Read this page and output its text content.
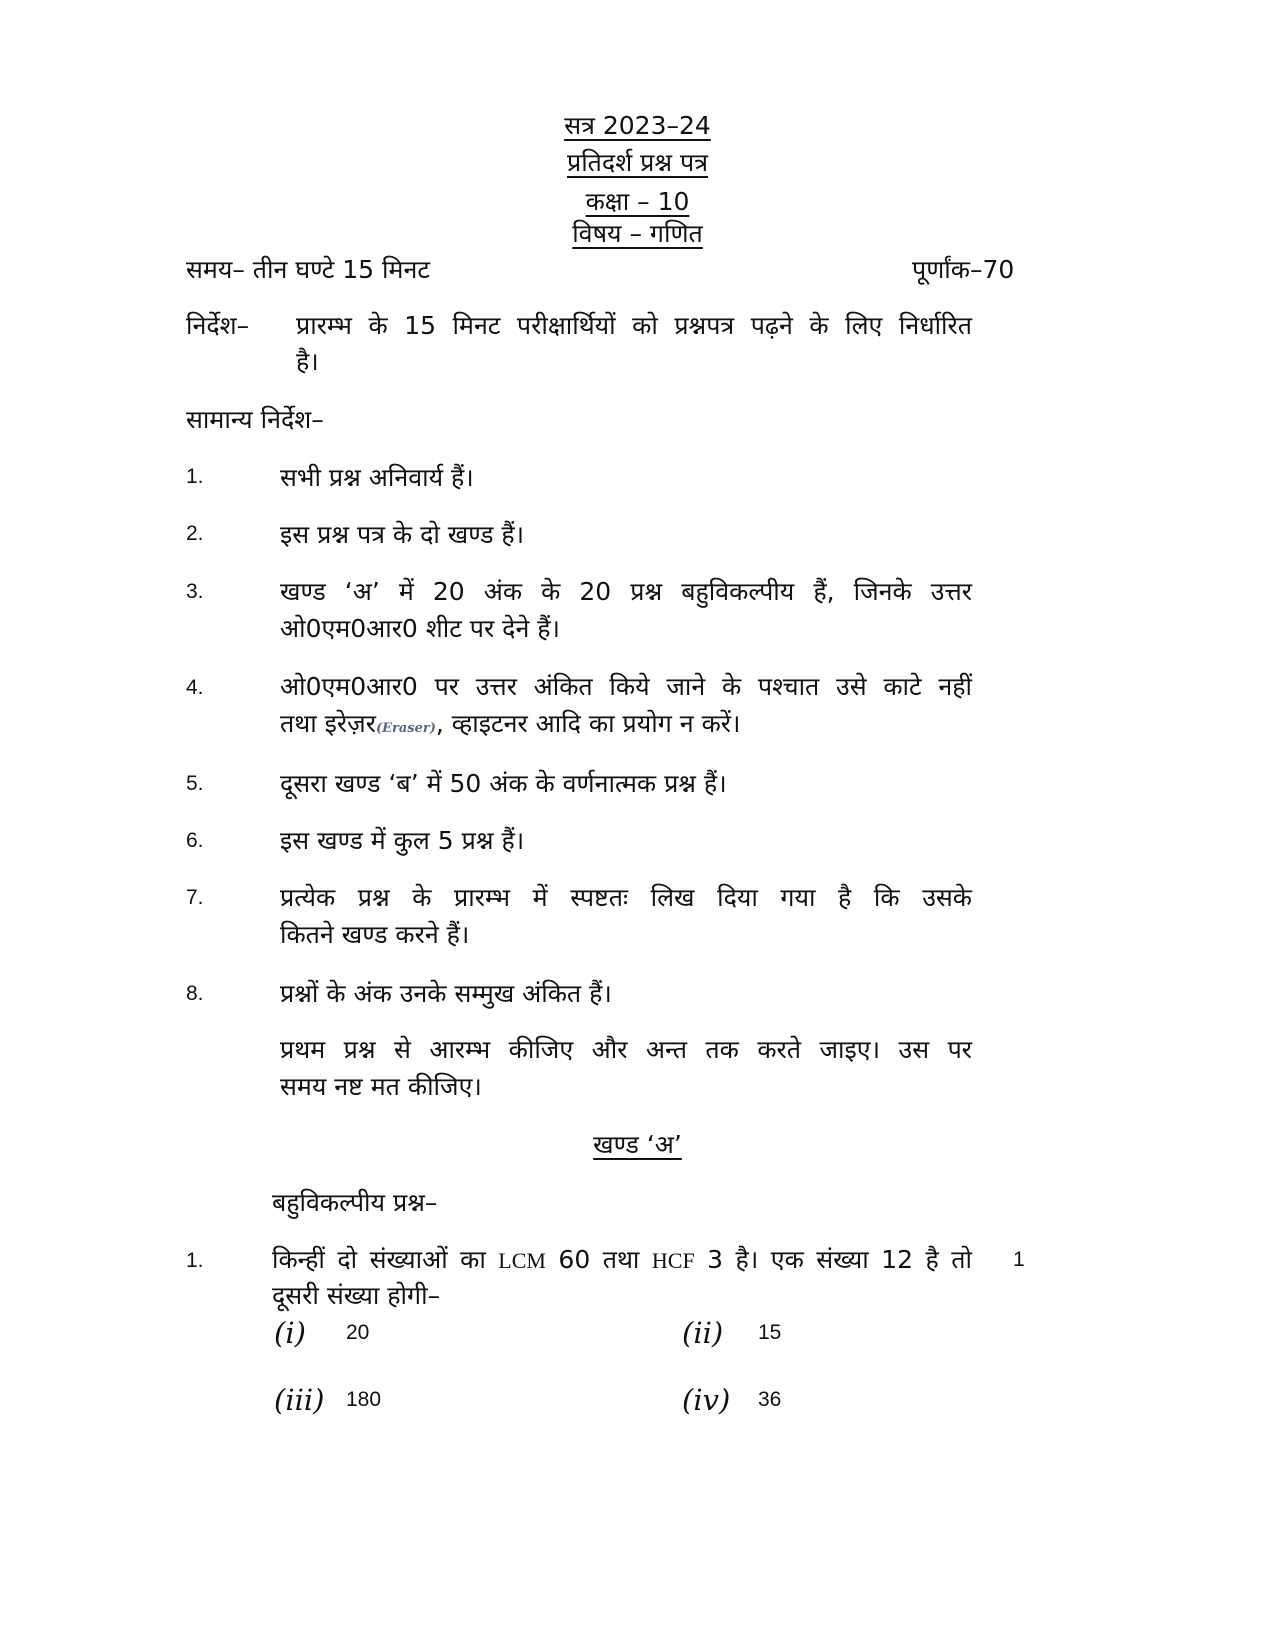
सत्र 2023–24
प्रतिदर्श प्रश्न पत्र
कक्षा – 10
विषय – गणित
समय– तीन घण्टे 15 मिनट	पूर्णांक–70
निर्देश– प्रारम्भ के 15 मिनट परीक्षार्थियों को प्रश्नपत्र पढ़ने के लिए निर्धारित
है।
सामान्य निर्देश–
1.	सभी प्रश्न अनिवार्य हैं।
2.	इस प्रश्न पत्र के दो खण्ड हैं।
3.	खण्ड ‘अ’ में 20 अंक के 20 प्रश्न बहुविकल्पीय हैं, जिनके उत्तर
ओ0एम0आर0 शीट पर देने हैं।
4.	ओ0एम0आर0 पर उत्तर अंकित किये जाने के पश्चात उसे काटे नहीं
तथा इरेज़र(Eraser), व्हाइटनर आदि का प्रयोग न करें।
5.	दूसरा खण्ड ‘ब’ में 50 अंक के वर्णनात्मक प्रश्न हैं।
6.	इस खण्ड में कुल 5 प्रश्न हैं।
7.	प्रत्येक प्रश्न के प्रारम्भ में स्पष्टतः लिख दिया गया है कि उसके
कितने खण्ड करने हैं।
8.	प्रश्नों के अंक उनके सम्मुख अंकित हैं।
प्रथम प्रश्न से आरम्भ कीजिए और अन्त तक करते जाइए। उस पर
समय नष्ट मत कीजिए।
खण्ड ‘अ’
बहुविकल्पीय प्रश्न–
1.	किन्हीं दो संख्याओं का LCM 60 तथा HCF 3 है। एक संख्या 12 है तो
दूसरी संख्या होगी–
1
(i) 20	(ii) 15
(iii) 180	(iv) 36
